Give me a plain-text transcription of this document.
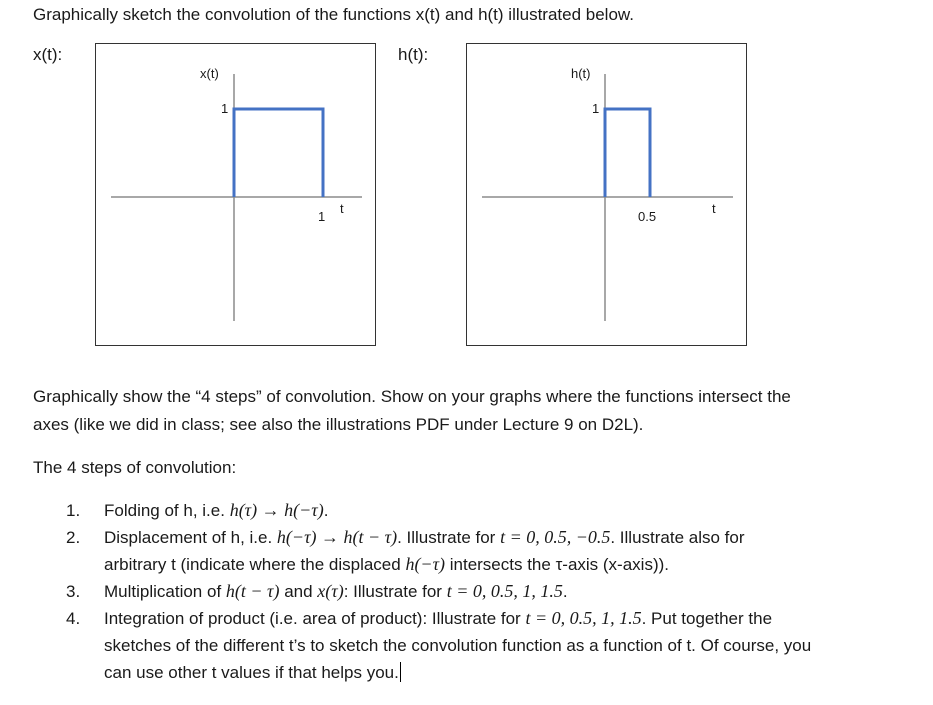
Graphically sketch the convolution of the functions x(t) and h(t) illustrated below.
x(t):	h(t):
x(t)
1
1
t
h(t)
1
0.5
t
Graphically show the “4 steps” of convolution. Show on your graphs where the functions intersect the
axes (like we did in class; see also the illustrations PDF under Lecture 9 on D2L).
The 4 steps of convolution:
1. Folding of h, i.e. h(τ) → h(−τ).
2. Displacement of h, i.e. h(−τ) → h(t − τ). Illustrate for t = 0, 0.5, −0.5. Illustrate also for
arbitrary t (indicate where the displaced h(−τ) intersects the τ-axis (x-axis)).
3. Multiplication of h(t − τ) and x(τ): Illustrate for t = 0, 0.5, 1, 1.5.
4. Integration of product (i.e. area of product): Illustrate for t = 0, 0.5, 1, 1.5. Put together the
sketches of the different t’s to sketch the convolution function as a function of t. Of course, you
can use other t values if that helps you.
